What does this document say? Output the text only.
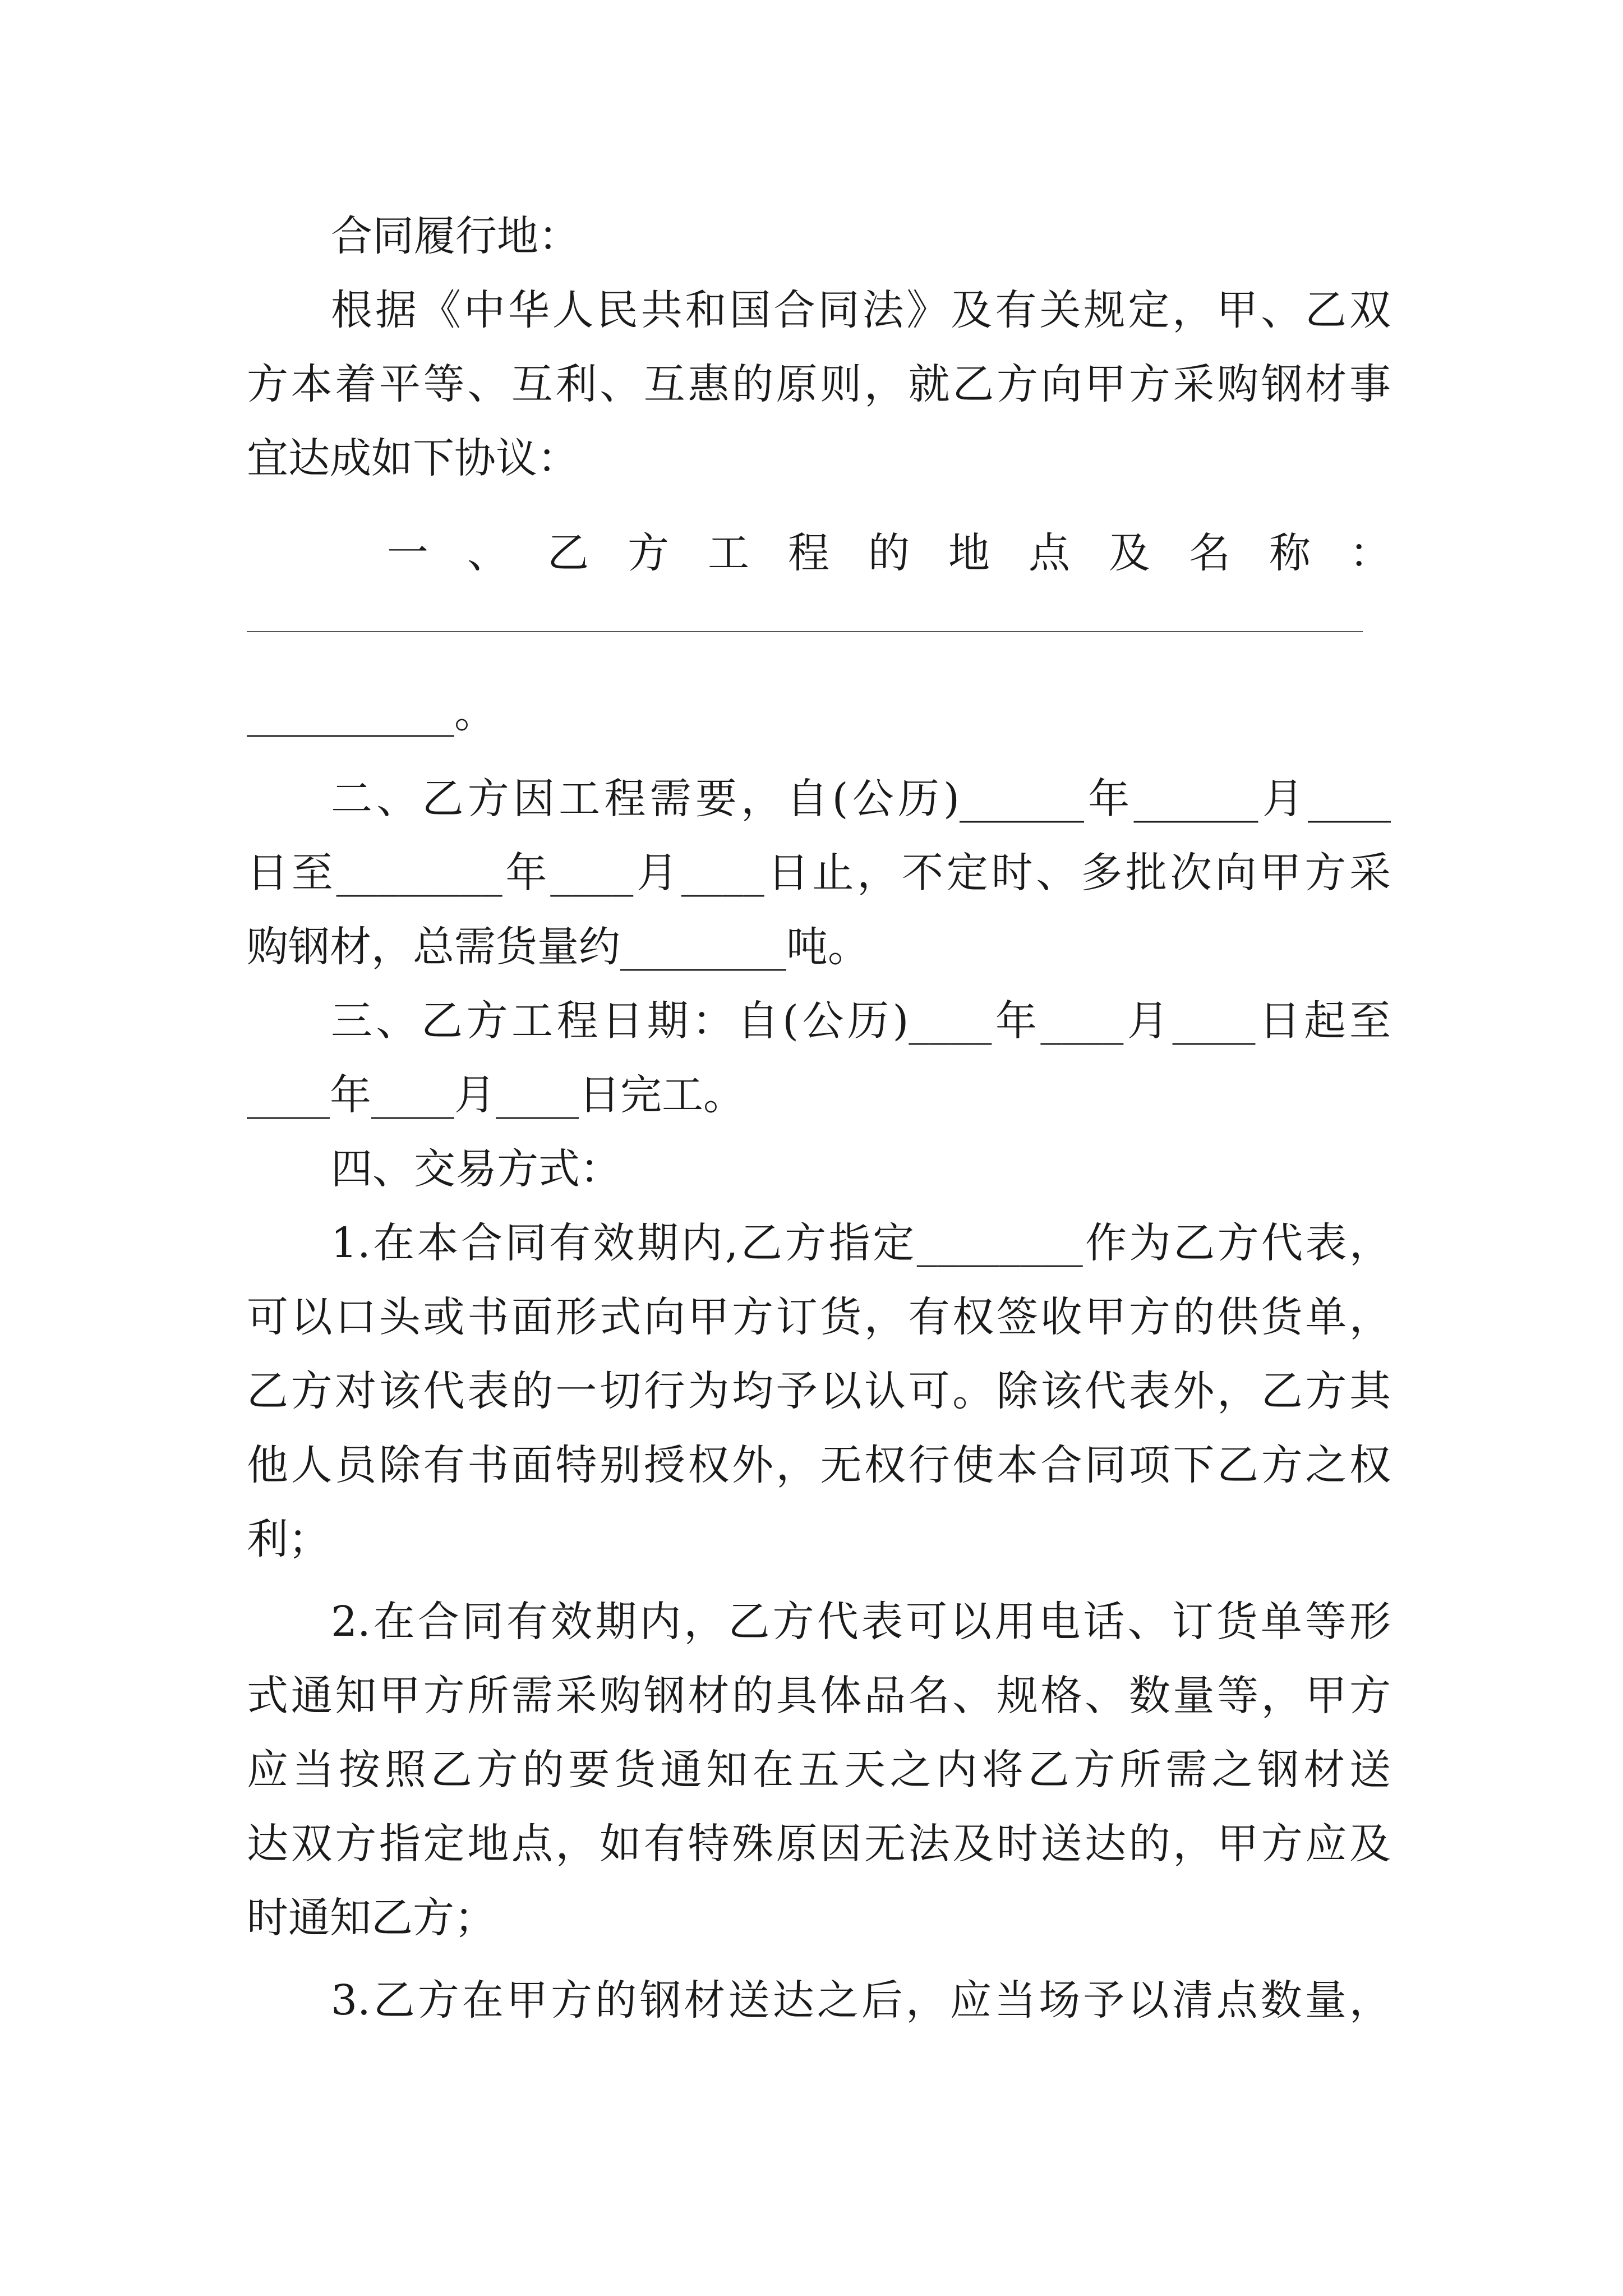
合同履行地：
根据《中华人民共和国合同法》及有关规定，甲、乙双
方本着平等、互利、互惠的原则，就乙方向甲方采购钢材事
宜达成如下协议：
一、乙方工程的地点及名称：
__________。
二、乙方因工程需要，自(公历)______年______月____
日至________年____月____日止，不定时、多批次向甲方采
购钢材，总需货量约________吨。
三、乙方工程日期：自(公历)____年____月____日起至
____年____月____日完工。
四、交易方式：
1.在本合同有效期内,乙方指定________作为乙方代表，
可以口头或书面形式向甲方订货，有权签收甲方的供货单，
乙方对该代表的一切行为均予以认可。除该代表外，乙方其
他人员除有书面特别授权外，无权行使本合同项下乙方之权
利；
2.在合同有效期内，乙方代表可以用电话、订货单等形
式通知甲方所需采购钢材的具体品名、规格、数量等，甲方
应当按照乙方的要货通知在五天之内将乙方所需之钢材送
达双方指定地点，如有特殊原因无法及时送达的，甲方应及
时通知乙方；
3.乙方在甲方的钢材送达之后，应当场予以清点数量，
